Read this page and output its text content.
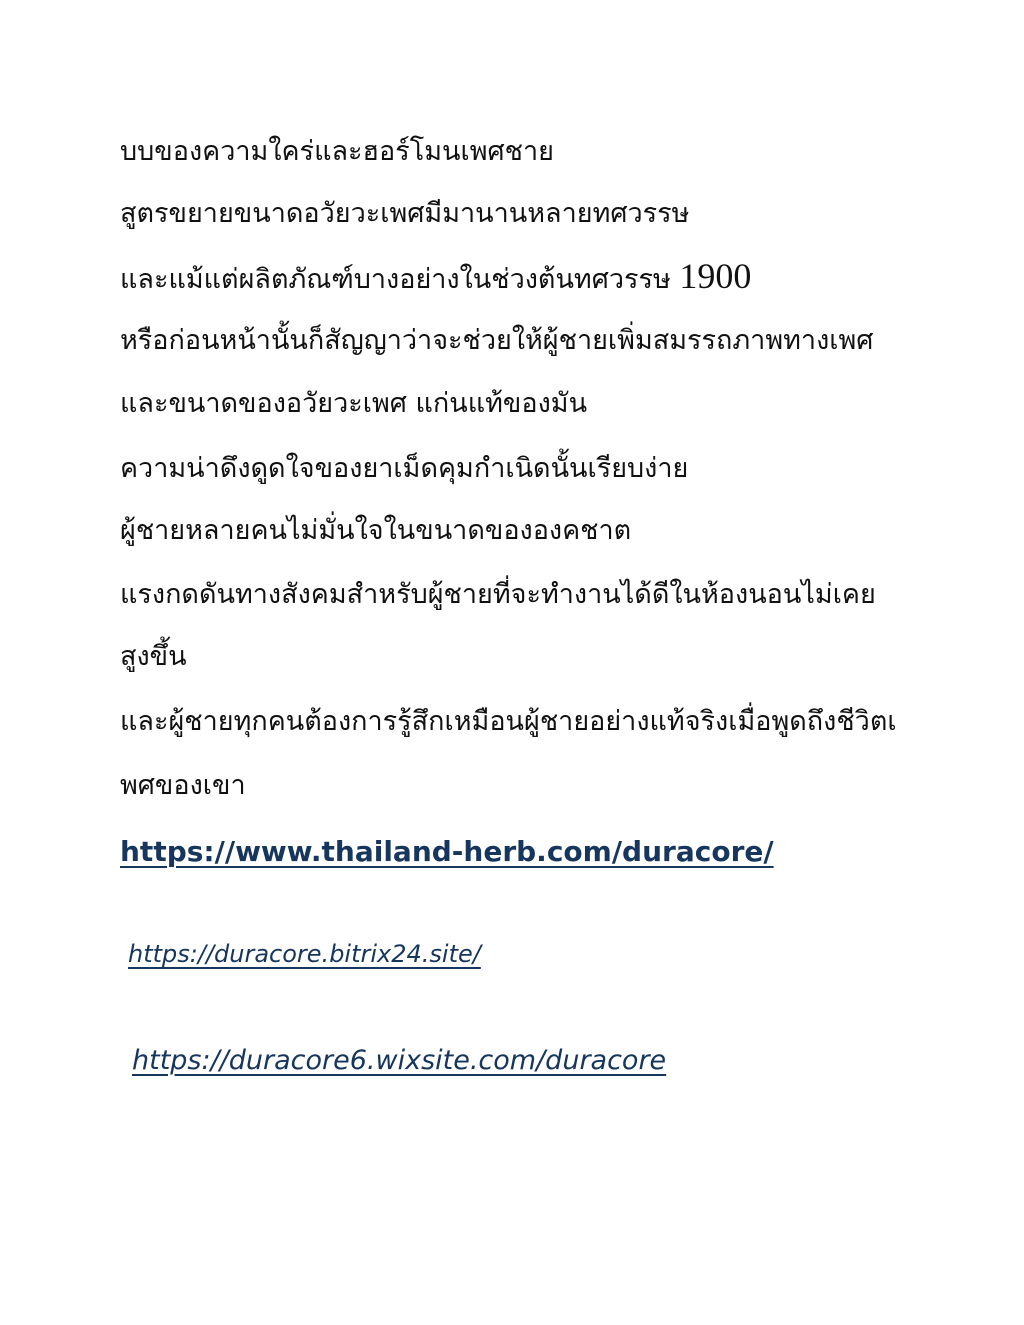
บบของความใคร่และฮอร์โมนเพศชาย
สูตรขยายขนาดอวัยวะเพศมีมานานหลายทศวรรษ
และแม้แต่ผลิตภัณฑ์บางอย่างในช่วงต้นทศวรรษ 1900
หรือก่อนหน้านั้นก็สัญญาว่าจะช่วยให้ผู้ชายเพิ่มสมรรถภาพทางเพศ
และขนาดของอวัยวะเพศ แก่นแท้ของมัน
ความน่าดึงดูดใจของยาเม็ดคุมกำเนิดนั้นเรียบง่าย
ผู้ชายหลายคนไม่มั่นใจในขนาดขององคชาต
แรงกดดันทางสังคมสำหรับผู้ชายที่จะทำงานได้ดีในห้องนอนไม่เคย
สูงขึ้น
และผู้ชายทุกคนต้องการรู้สึกเหมือนผู้ชายอย่างแท้จริงเมื่อพูดถึงชีวิตเ
พศของเขา
https://www.thailand-herb.com/duracore/
https://duracore.bitrix24.site/
https://duracore6.wixsite.com/duracore
